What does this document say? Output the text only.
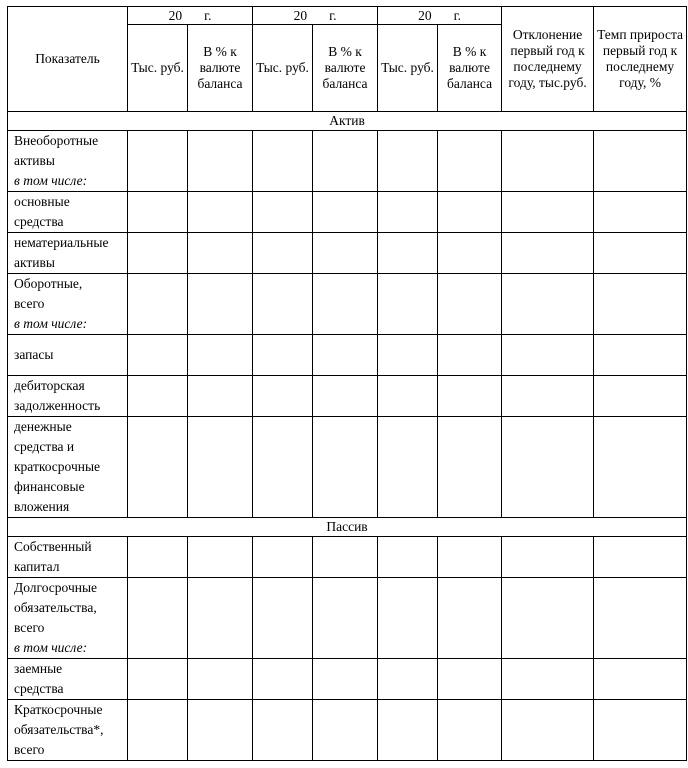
Показатель	20 г.		20 г.		20 г.		Отклонение первый год к последнему году, тыс.руб.	Темп прироста первый год к последнему году, %
	Тыс. руб.	В % к валюте баланса	Тыс. руб.	В % к валюте баланса	Тыс. руб.	В % к валюте баланса		
Актив								

Внеоборотные
активы
в том числе:								

основные
средства								

нематериальные
активы								

Оборотные,
всего
в том числе:								

запасы								

дебиторская
задолженность								

денежные
средства и
краткосрочные
финансовые
вложения								

Пассив								

Собственный
капитал								

Долгосрочные
обязательства,
всего
в том числе:								

заемные
средства								

Краткосрочные
обязательства*,
всего								
